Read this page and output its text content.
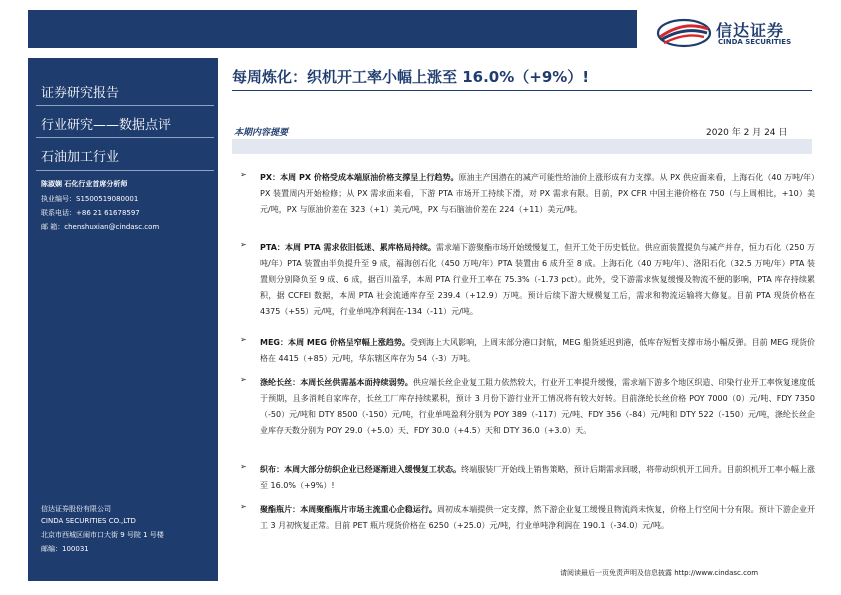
信达证券
CINDA SECURITIES
证券研究报告
行业研究——数据点评
石油加工行业
陈淑娴 石化行业首席分析师
执业编号：S1500519080001
联系电话：+86 21 61678597
邮 箱：chenshuxian@cindasc.com
信达证券股份有限公司
CINDA SECURITIES CO.,LTD
北京市西城区闹市口大街 9 号院 1 号楼
邮编：100031
每周炼化：织机开工率小幅上涨至 16.0%（+9%）!
本期内容提要	2020 年 2 月 24 日
➢ PX：本周 PX 价格受成本端原油价格支撑呈上行趋势。原油主产国潜在的减产可能性给油价上涨形成有力支撑。从 PX 供应面来看，上海石化（40 万吨/年）PX 装置周内开始检修；从 PX 需求面来看，下游 PTA 市场开工持续下滑，对 PX 需求有限。目前，PX CFR 中国主港价格在 750（与上周相比，+10）美元/吨，PX 与原油价差在 323（+1）美元/吨，PX 与石脑油价差在 224（+11）美元/吨。

➢ PTA：本周 PTA 需求依旧低迷、累库格局持续。需求端下游聚酯市场开始缓慢复工，但开工处于历史低位。供应面装置提负与减产并存，恒力石化（250 万吨/年）PTA 装置由半负提升至 9 成，福海创石化（450 万吨/年）PTA 装置由 6 成升至 8 成。上海石化（40 万吨/年）、洛阳石化（32.5 万吨/年）PTA 装置则分别降负至 9 成、6 成，据百川盈孚，本周 PTA 行业开工率在 75.3%（-1.73 pct）。此外，受下游需求恢复缓慢及物流不便的影响，PTA 库存持续累积，据 CCFEI 数据，本周 PTA 社会流通库存至 239.4（+12.9）万吨。预计后续下游大规模复工后，需求和物流运输将大修复。目前 PTA 现货价格在 4375（+55）元/吨，行业单吨净利润在-134（-11）元/吨。

➢ MEG：本周 MEG 价格呈窄幅上涨趋势。受到海上大风影响，上周末部分港口封航，MEG 船货延迟到港，低库存短暂支撑市场小幅反弹。目前 MEG 现货价格在 4415（+85）元/吨，华东辖区库存为 54（-3）万吨。

➢ 涤纶长丝：本周长丝供需基本面持续弱势。供应端长丝企业复工阻力依然较大，行业开工率提升缓慢，需求端下游多个地区织造、印染行业开工率恢复速度低于预期，且多消耗自家库存，长丝工厂库存持续累积，预计 3 月份下游行业开工情况将有较大好转。目前涤纶长丝价格 POY 7000（0）元/吨、FDY 7350（-50）元/吨和 DTY 8500（-150）元/吨，行业单吨盈利分别为 POY 389（-117）元/吨、FDY 356（-84）元/吨和 DTY 522（-150）元/吨，涤纶长丝企业库存天数分别为 POY 29.0（+5.0）天、FDY 30.0（+4.5）天和 DTY 36.0（+3.0）天。

➢ 织布：本周大部分纺织企业已经逐渐进入缓慢复工状态。终端服装厂开始线上销售策略，预计后期需求回暖，将带动织机开工回升。目前织机开工率小幅上涨至 16.0%（+9%）!

➢ 聚酯瓶片：本周聚酯瓶片市场主流重心企稳运行。周初成本端提供一定支撑，然下游企业复工缓慢且物流尚未恢复，价格上行空间十分有限。预计下游企业开工 3 月初恢复正常。目前 PET 瓶片现货价格在 6250（+25.0）元/吨，行业单吨净利润在 190.1（-34.0）元/吨。

请阅读最后一页免责声明及信息披露 http://www.cindasc.com
